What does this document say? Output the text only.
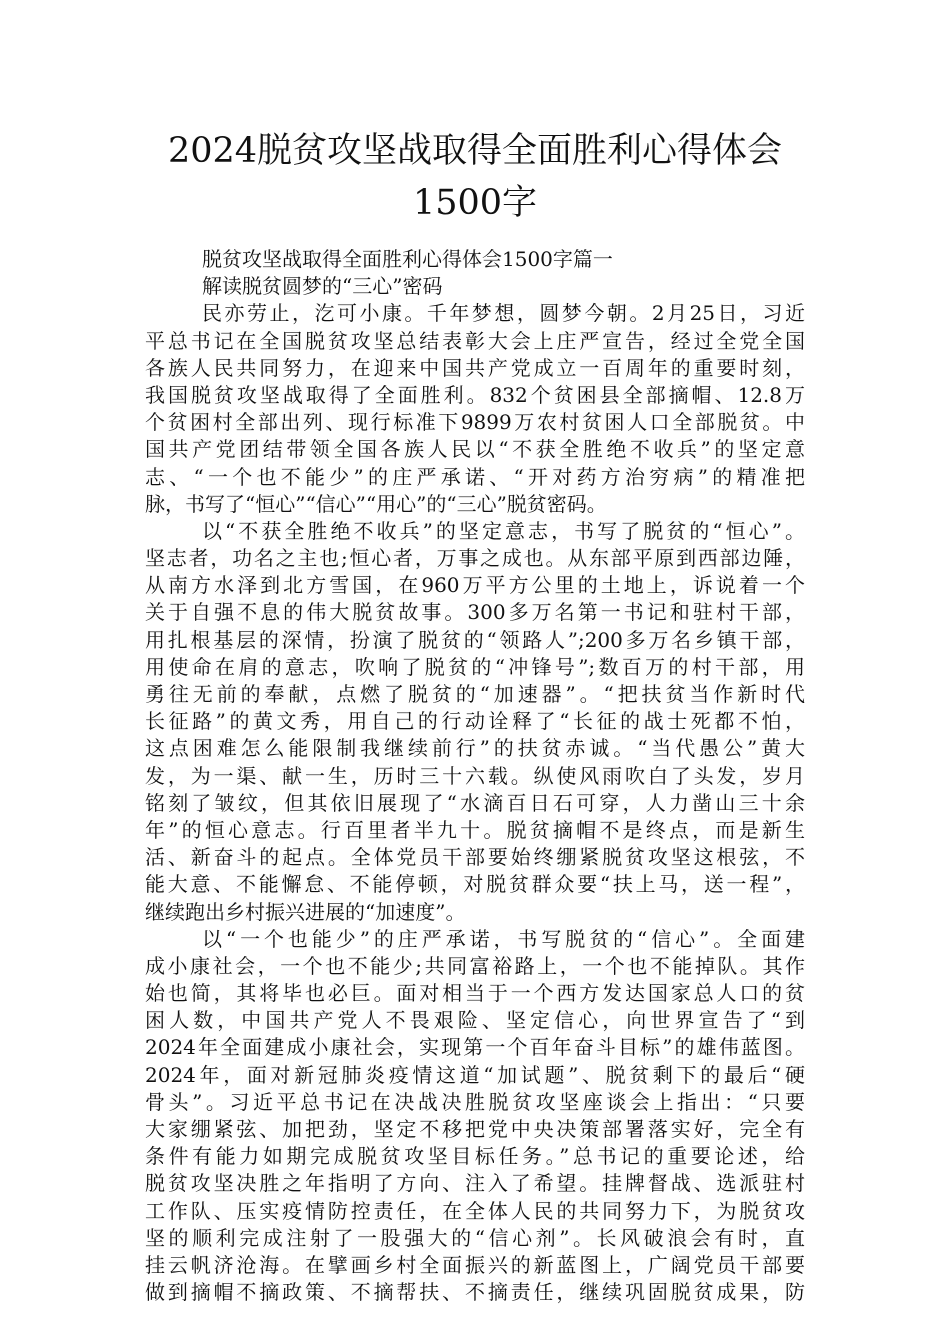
2024脱贫攻坚战取得全面胜利心得体会
1500字
脱贫攻坚战取得全面胜利心得体会1500字篇一
解读脱贫圆梦的“三心”密码
民亦劳止，汔可小康。千年梦想，圆梦今朝。2月25日，习近
平总书记在全国脱贫攻坚总结表彰大会上庄严宣告，经过全党全国
各族人民共同努力，在迎来中国共产党成立一百周年的重要时刻，
我国脱贫攻坚战取得了全面胜利。832个贫困县全部摘帽、12.8万
个贫困村全部出列、现行标准下9899万农村贫困人口全部脱贫。中
国共产党团结带领全国各族人民以“不获全胜绝不收兵”的坚定意
志、“一个也不能少”的庄严承诺、“开对药方治穷病”的精准把
脉，书写了“恒心”“信心”“用心”的“三心”脱贫密码。
以“不获全胜绝不收兵”的坚定意志，书写了脱贫的“恒心”。
坚志者，功名之主也;恒心者，万事之成也。从东部平原到西部边陲，
从南方水泽到北方雪国，在960万平方公里的土地上，诉说着一个
关于自强不息的伟大脱贫故事。300多万名第一书记和驻村干部，
用扎根基层的深情，扮演了脱贫的“领路人”;200多万名乡镇干部，
用使命在肩的意志，吹响了脱贫的“冲锋号”;数百万的村干部，用
勇往无前的奉献，点燃了脱贫的“加速器”。“把扶贫当作新时代
长征路”的黄文秀，用自己的行动诠释了“长征的战士死都不怕，
这点困难怎么能限制我继续前行”的扶贫赤诚。“当代愚公”黄大
发，为一渠、献一生，历时三十六载。纵使风雨吹白了头发，岁月
铭刻了皱纹，但其依旧展现了“水滴百日石可穿，人力凿山三十余
年”的恒心意志。行百里者半九十。脱贫摘帽不是终点，而是新生
活、新奋斗的起点。全体党员干部要始终绷紧脱贫攻坚这根弦，不
能大意、不能懈怠、不能停顿，对脱贫群众要“扶上马，送一程”，
继续跑出乡村振兴进展的“加速度”。
以“一个也能少”的庄严承诺，书写脱贫的“信心”。全面建
成小康社会，一个也不能少;共同富裕路上，一个也不能掉队。其作
始也简，其将毕也必巨。面对相当于一个西方发达国家总人口的贫
困人数，中国共产党人不畏艰险、坚定信心，向世界宣告了“到
2024年全面建成小康社会，实现第一个百年奋斗目标”的雄伟蓝图。
2024年，面对新冠肺炎疫情这道“加试题”、脱贫剩下的最后“硬
骨头”。习近平总书记在决战决胜脱贫攻坚座谈会上指出：“只要
大家绷紧弦、加把劲，坚定不移把党中央决策部署落实好，完全有
条件有能力如期完成脱贫攻坚目标任务。”总书记的重要论述，给
脱贫攻坚决胜之年指明了方向、注入了希望。挂牌督战、选派驻村
工作队、压实疫情防控责任，在全体人民的共同努力下，为脱贫攻
坚的顺利完成注射了一股强大的“信心剂”。长风破浪会有时，直
挂云帆济沧海。在擘画乡村全面振兴的新蓝图上，广阔党员干部要
做到摘帽不摘政策、不摘帮扶、不摘责任，继续巩固脱贫成果，防
